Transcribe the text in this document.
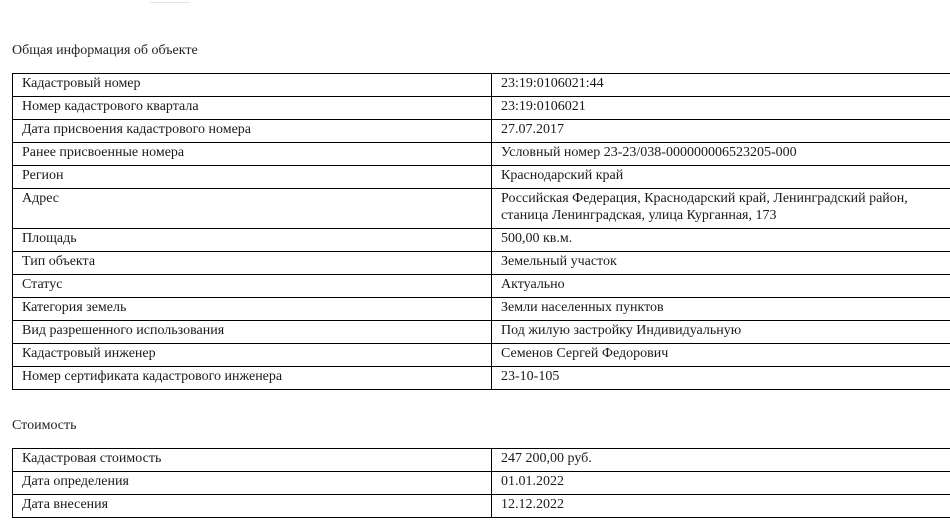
Общая информация об объекте
Кадастровый номер	23:19:0106021:44
Номер кадастрового квартала	23:19:0106021
Дата присвоения кадастрового номера	27.07.2017
Ранее присвоенные номера	Условный номер 23-23/038-000000006523205-000
Регион	Краснодарский край
Адрес	Российская Федерация, Краснодарский край, Ленинградский район, станица Ленинградская, улица Курганная, 173
Площадь	500,00 кв.м.
Тип объекта	Земельный участок
Статус	Актуально
Категория земель	Земли населенных пунктов
Вид разрешенного использования	Под жилую застройку Индивидуальную
Кадастровый инженер	Семенов Сергей Федорович
Номер сертификата кадастрового инженера	23-10-105
Стоимость
Кадастровая стоимость	247 200,00 руб.
Дата определения	01.01.2022
Дата внесения	12.12.2022
